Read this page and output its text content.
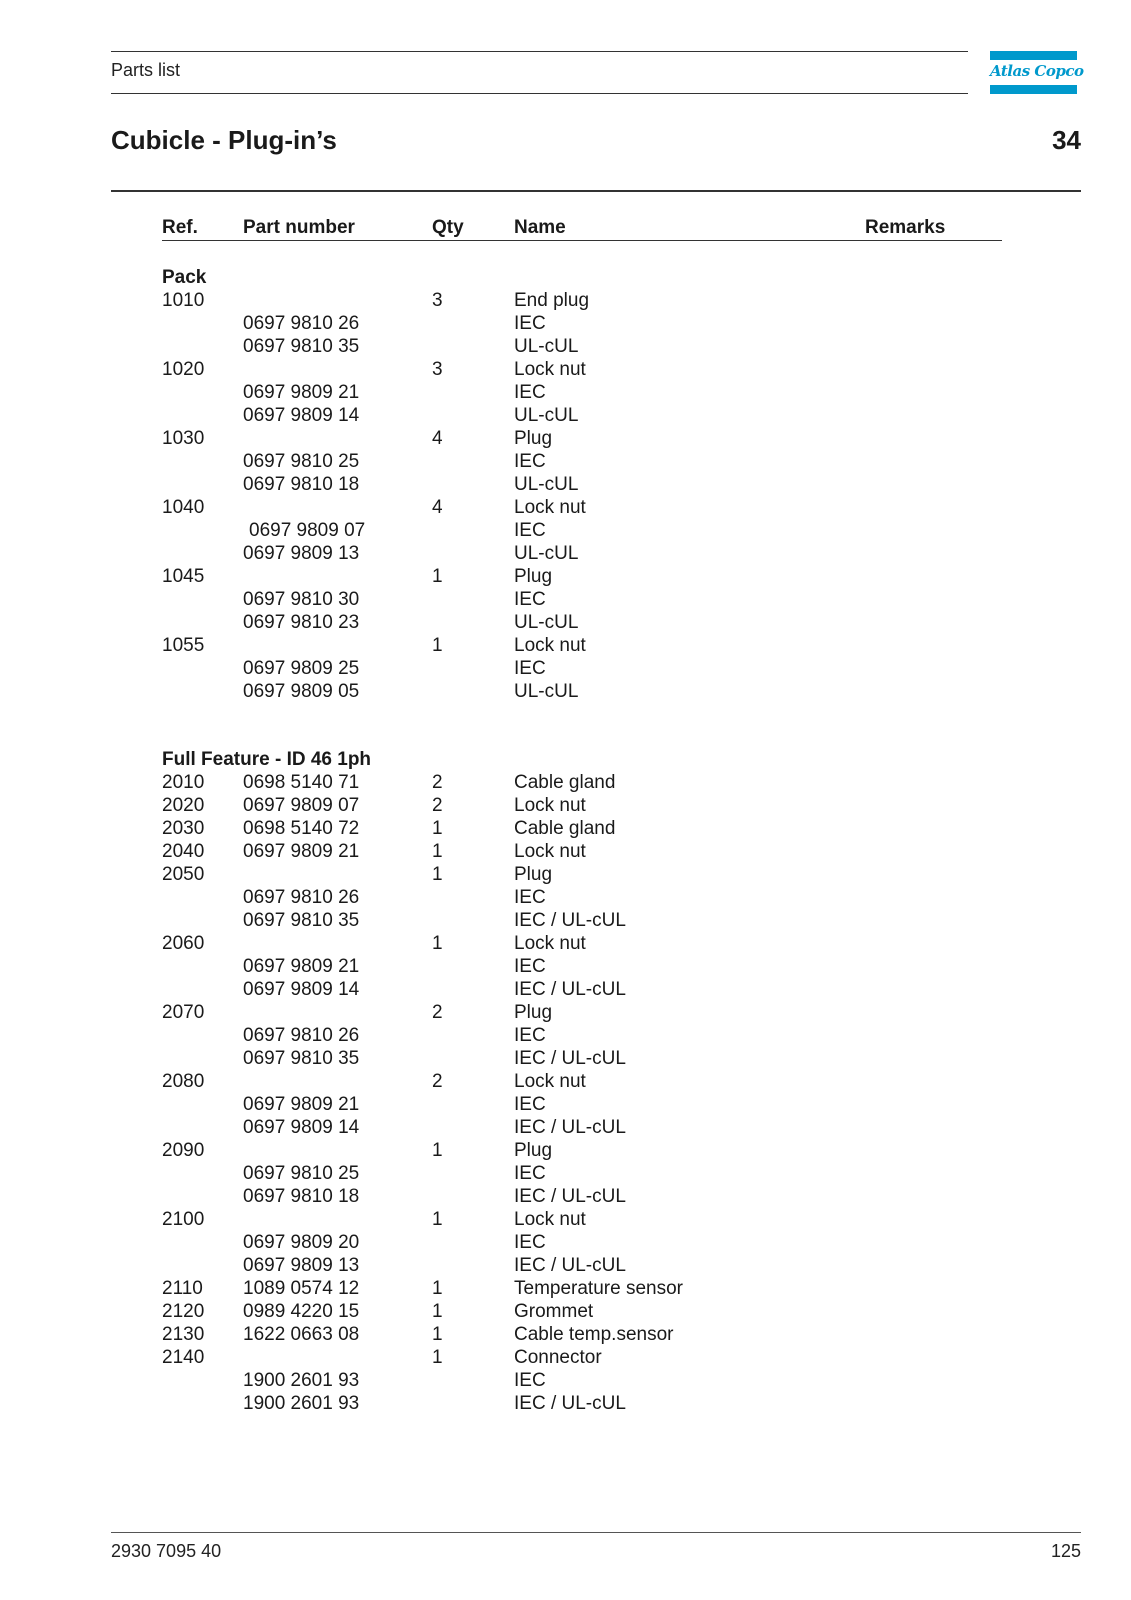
Parts list	Atlas Copco
Cubicle - Plug-in’s	34
Ref. Part number	Qty	Name	Remarks
Pack
1010	3	End plug
0697 9810 26	IEC
0697 9810 35	UL-cUL
1020	3	Lock nut
0697 9809 21	IEC
0697 9809 14	UL-cUL
1030	4	Plug
0697 9810 25	IEC
0697 9810 18	UL-cUL
1040	4	Lock nut
0697 9809 07	IEC
0697 9809 13	UL-cUL
1045	1	Plug
0697 9810 30	IEC
0697 9810 23	UL-cUL
1055	1	Lock nut
0697 9809 25	IEC
0697 9809 05	UL-cUL
Full Feature - ID 46 1ph
2010 0698 5140 71	2	Cable gland
2020 0697 9809 07	2	Lock nut
2030 0698 5140 72	1	Cable gland
2040 0697 9809 21	1	Lock nut
2050	1	Plug
0697 9810 26	IEC
0697 9810 35	IEC / UL-cUL
2060	1	Lock nut
0697 9809 21	IEC
0697 9809 14	IEC / UL-cUL
2070	2	Plug
0697 9810 26	IEC
0697 9810 35	IEC / UL-cUL
2080	2	Lock nut
0697 9809 21	IEC
0697 9809 14	IEC / UL-cUL
2090	1	Plug
0697 9810 25	IEC
0697 9810 18	IEC / UL-cUL
2100	1	Lock nut
0697 9809 20	IEC
0697 9809 13	IEC / UL-cUL
2110 1089 0574 12	1	Temperature sensor
2120 0989 4220 15	1	Grommet
2130 1622 0663 08	1	Cable temp.sensor
2140	1	Connector
1900 2601 93	IEC
1900 2601 93	IEC / UL-cUL
2930 7095 40	125
